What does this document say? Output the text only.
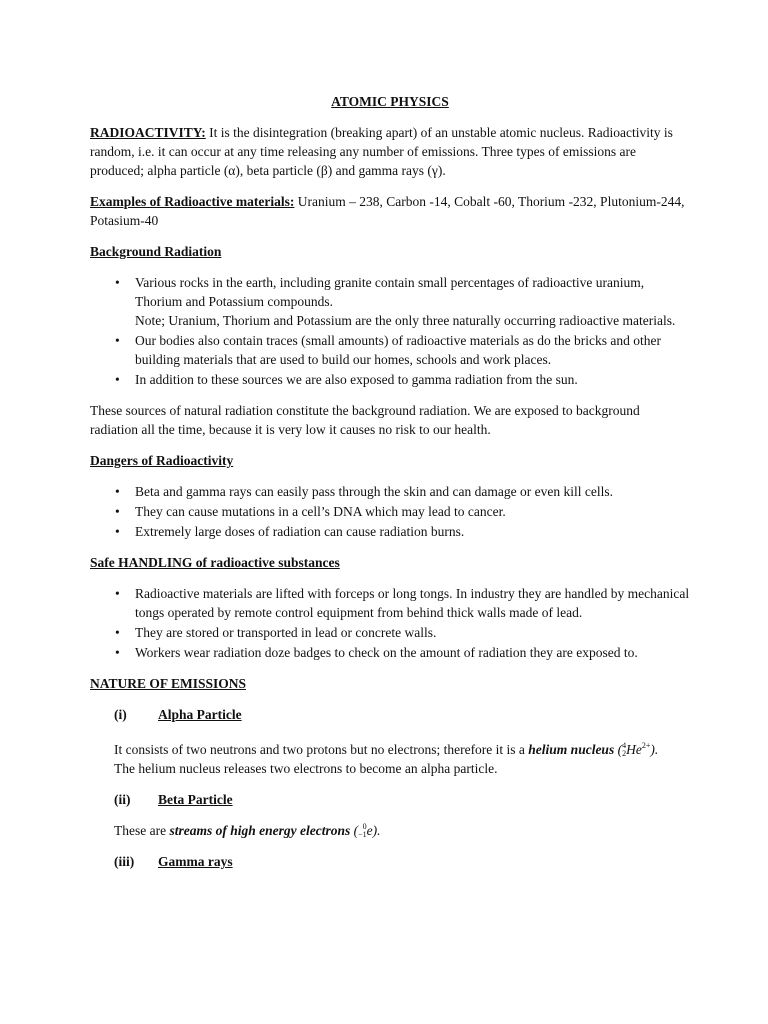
ATOMIC PHYSICS

RADIOACTIVITY: It is the disintegration (breaking apart) of an unstable atomic nucleus. Radioactivity is random, i.e. it can occur at any time releasing any number of emissions. Three types of emissions are produced; alpha particle (α), beta particle (β) and gamma rays (γ).

Examples of Radioactive materials: Uranium – 238, Carbon -14, Cobalt -60, Thorium -232, Plutonium-244, Potasium-40

Background Radiation
• Various rocks in the earth, including granite contain small percentages of radioactive uranium, Thorium and Potassium compounds.
Note; Uranium, Thorium and Potassium are the only three naturally occurring radioactive materials.
• Our bodies also contain traces (small amounts) of radioactive materials as do the bricks and other building materials that are used to build our homes, schools and work places.
• In addition to these sources we are also exposed to gamma radiation from the sun.

These sources of natural radiation constitute the background radiation. We are exposed to background radiation all the time, because it is very low it causes no risk to our health.

Dangers of Radioactivity
• Beta and gamma rays can easily pass through the skin and can damage or even kill cells.
• They can cause mutations in a cell’s DNA which may lead to cancer.
• Extremely large doses of radiation can cause radiation burns.
Safe HANDLING of radioactive substances
• Radioactive materials are lifted with forceps or long tongs. In industry they are handled by mechanical tongs operated by remote control equipment from behind thick walls made of lead.
• They are stored or transported in lead or concrete walls.
• Workers wear radiation doze badges to check on the amount of radiation they are exposed to.
NATURE OF EMISSIONS
(i)	Alpha Particle

It consists of two neutrons and two protons but no electrons; therefore it is a helium nucleus (4
$2He^{2+}$).
The helium nucleus releases two electrons to become an alpha particle.

(ii)	Beta Particle

These are streams of high energy electrons ( 0
−1e).

(iii)	Gamma rays
